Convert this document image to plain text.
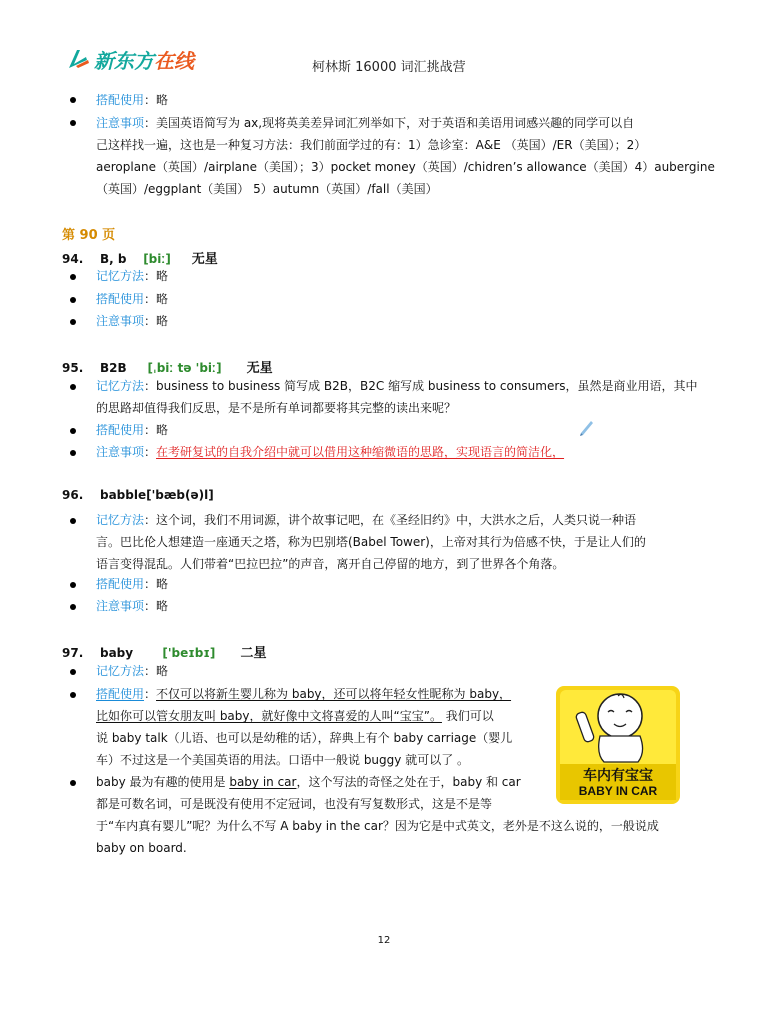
新东方在线	柯林斯 16000 词汇挑战营
搭配使用：略
注意事项：美国英语简写为 ax,现将英美差异词汇列举如下，对于英语和美语用词感兴趣的同学可以自
己这样找一遍，这也是一种复习方法：我们前面学过的有：1）急诊室：A&E （英国）/ER（美国）；2）
aeroplane（英国）/airplane（美国）；3）pocket money（英国）/chidren’s allowance（美国）4）aubergine
（英国）/eggplant（美国） 5）autumn（英国）/fall（美国）
第 90 页
94. B, b [biː] 无星
记忆方法：略
搭配使用：略
注意事项：略
95. B2B [ˌbiː tə 'biː] 无星
记忆方法：business to business 简写成 B2B，B2C 缩写成 business to consumers，虽然是商业用语，其中
的思路却值得我们反思，是不是所有单词都要将其完整的读出来呢？
搭配使用：略
注意事项：在考研复试的自我介绍中就可以借用这种缩微语的思路，实现语言的简洁化，
96. babble['bæb(ə)l]
记忆方法：这个词，我们不用词源，讲个故事记吧，在《圣经旧约》中，大洪水之后，人类只说一种语
言。巴比伦人想建造一座通天之塔，称为巴别塔(Babel Tower)，上帝对其行为倍感不快，于是让人们的
语言变得混乱。人们带着“巴拉巴拉”的声音，离开自己停留的地方，到了世界各个角落。
搭配使用：略
注意事项：略
97. baby ['beɪbɪ] 二星
记忆方法：略
搭配使用：不仅可以将新生婴儿称为 baby，还可以将年轻女性昵称为 baby，
比如你可以管女朋友叫 baby，就好像中文将喜爱的人叫“宝宝”。 我们可以
说 baby talk（儿语、也可以是幼稚的话），辞典上有个 baby carriage（婴儿
车）不过这是一个美国英语的用法。口语中一般说 buggy 就可以了 。
baby 最为有趣的使用是 baby in car，这个写法的奇怪之处在于，baby 和 car
都是可数名词，可是既没有使用不定冠词，也没有写复数形式，这是不是等
于“车内真有婴儿”呢？为什么不写 A baby in the car？因为它是中式英文，老外是不这么说的，一般说成
baby on board.
车内有宝宝
BABY IN CAR
12
